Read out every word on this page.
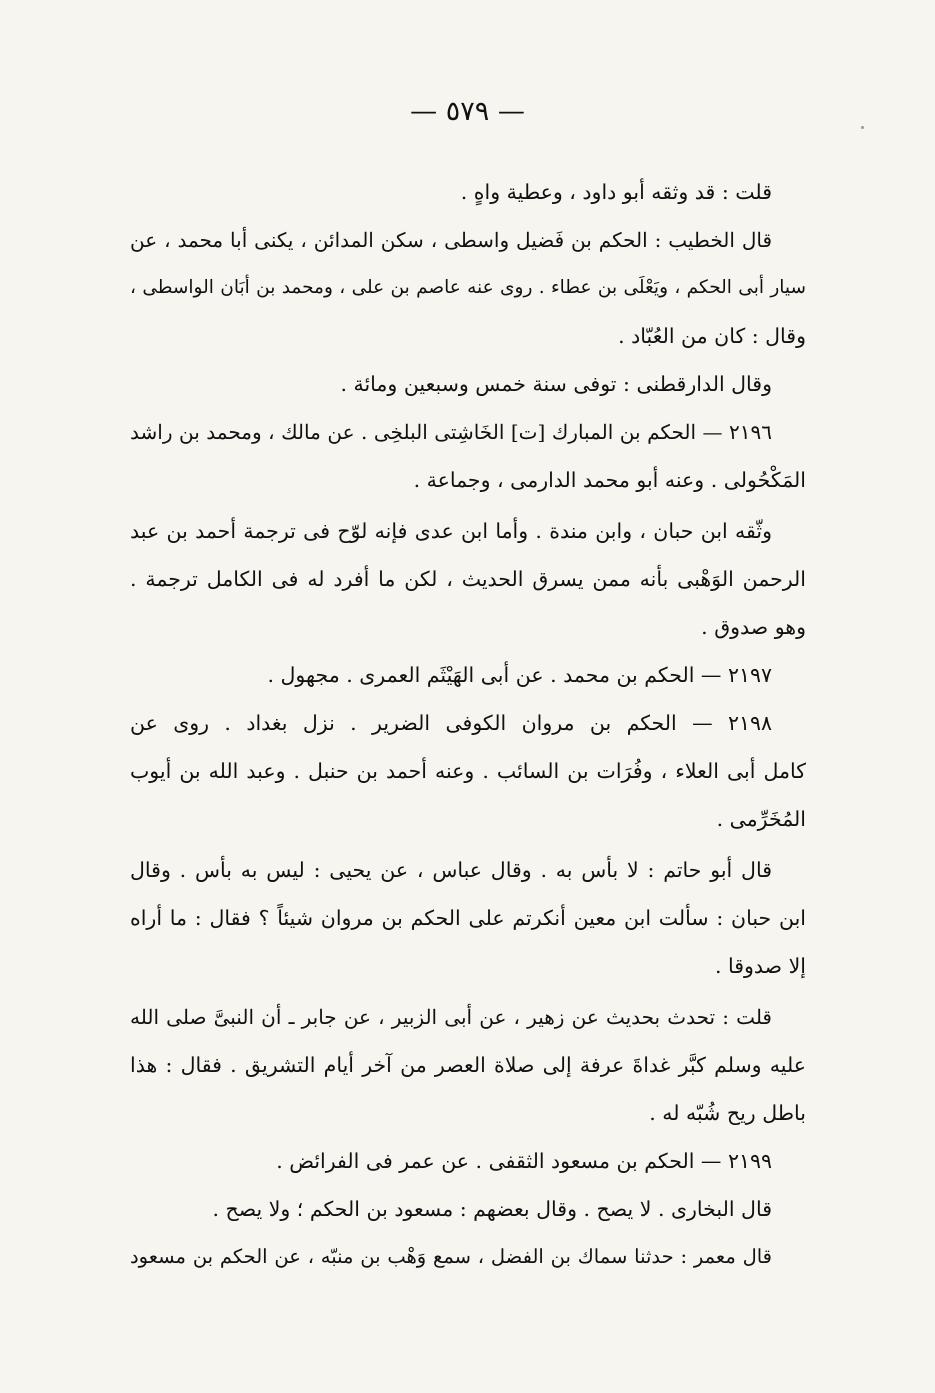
— ٥٧٩ —
قلت : قد وثقه أبو داود ، وعطية واهٍ .
قال الخطيب : الحكم بن فَضيل واسطى ، سكن المدائن ، يكنى أبا محمد ، عن
سيار أبى الحكم ، ويَعْلَى بن عطاء . روى عنه عاصم بن على ، ومحمد بن أبَان الواسطى ،
وقال : كان من العُبّاد .
وقال الدارقطنى : توفى سنة خمس وسبعين ومائة .
٢١٩٦ — الحكم بن المبارك [ت] الخَاشِتى البلخِى . عن مالك ، ومحمد بن راشد
المَكْحُولى . وعنه أبو محمد الدارمى ، وجماعة .
وثّقه ابن حبان ، وابن مندة . وأما ابن عدى فإنه لوّح فى ترجمة أحمد بن عبد
الرحمن الوَهْبى بأنه ممن يسرق الحديث ، لكن ما أفرد له فى الكامل ترجمة .
وهو صدوق .
٢١٩٧ — الحكم بن محمد . عن أبى الهَيْثَم العمرى . مجهول .
٢١٩٨ — الحكم بن مروان الكوفى الضرير . نزل بغداد . روى عن
كامل أبى العلاء ، وفُرَات بن السائب . وعنه أحمد بن حنبل . وعبد الله بن أيوب
المُخَرِّمى .
قال أبو حاتم : لا بأس به . وقال عباس ، عن يحيى : ليس به بأس . وقال
ابن حبان : سألت ابن معين أنكرتم على الحكم بن مروان شيئاً ؟ فقال : ما أراه
إلا صدوقا .
قلت : تحدث بحديث عن زهير ، عن أبى الزبير ، عن جابر ـ أن النبىَّ صلى الله
عليه وسلم كبَّر غداةَ عرفة إلى صلاة العصر من آخر أيام التشريق . فقال : هذا
باطل ريح شُبّه له .
٢١٩٩ — الحكم بن مسعود الثقفى . عن عمر فى الفرائض .
قال البخارى . لا يصح . وقال بعضهم : مسعود بن الحكم ؛ ولا يصح .
قال معمر : حدثنا سماك بن الفضل ، سمع وَهْب بن منبّه ، عن الحكم بن مسعود
